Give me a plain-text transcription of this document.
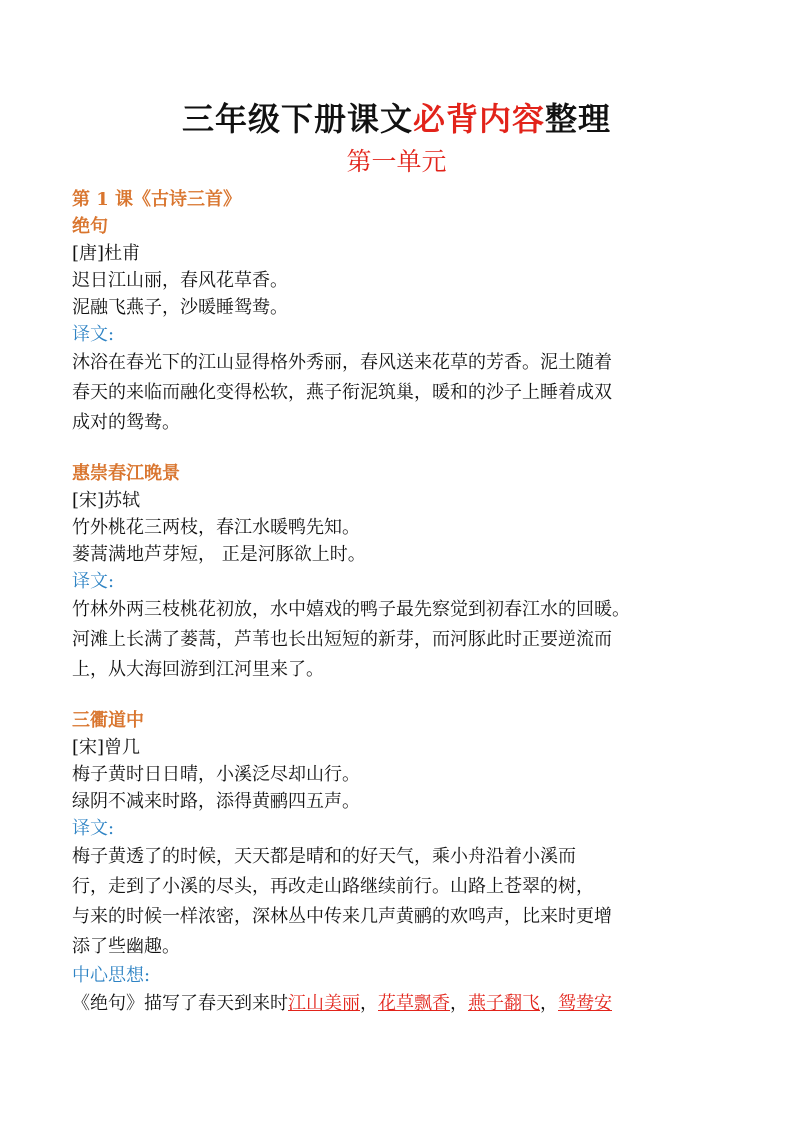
三年级下册课文必背内容整理
第一单元
第 1 课《古诗三首》
绝句
[唐]杜甫
迟日江山丽，春风花草香。
泥融飞燕子，沙暖睡鸳鸯。
译文:
沐浴在春光下的江山显得格外秀丽，春风送来花草的芳香。泥土随着
春天的来临而融化变得松软，燕子衔泥筑巢，暖和的沙子上睡着成双
成对的鸳鸯。
惠崇春江晚景
[宋]苏轼
竹外桃花三两枝，春江水暖鸭先知。
蒌蒿满地芦芽短， 正是河豚欲上时。
译文:
竹林外两三枝桃花初放，水中嬉戏的鸭子最先察觉到初春江水的回暖。
河滩上长满了蒌蒿，芦苇也长出短短的新芽，而河豚此时正要逆流而
上，从大海回游到江河里来了。
三衢道中
[宋]曾几
梅子黄时日日晴，小溪泛尽却山行。
绿阴不减来时路，添得黄鹂四五声。
译文:
梅子黄透了的时候，天天都是晴和的好天气，乘小舟沿着小溪而
行，走到了小溪的尽头，再改走山路继续前行。山路上苍翠的树，
与来的时候一样浓密，深林丛中传来几声黄鹂的欢鸣声，比来时更增
添了些幽趣。
中心思想:
《绝句》描写了春天到来时江山美丽，花草飘香，燕子翻飞，鸳鸯安
